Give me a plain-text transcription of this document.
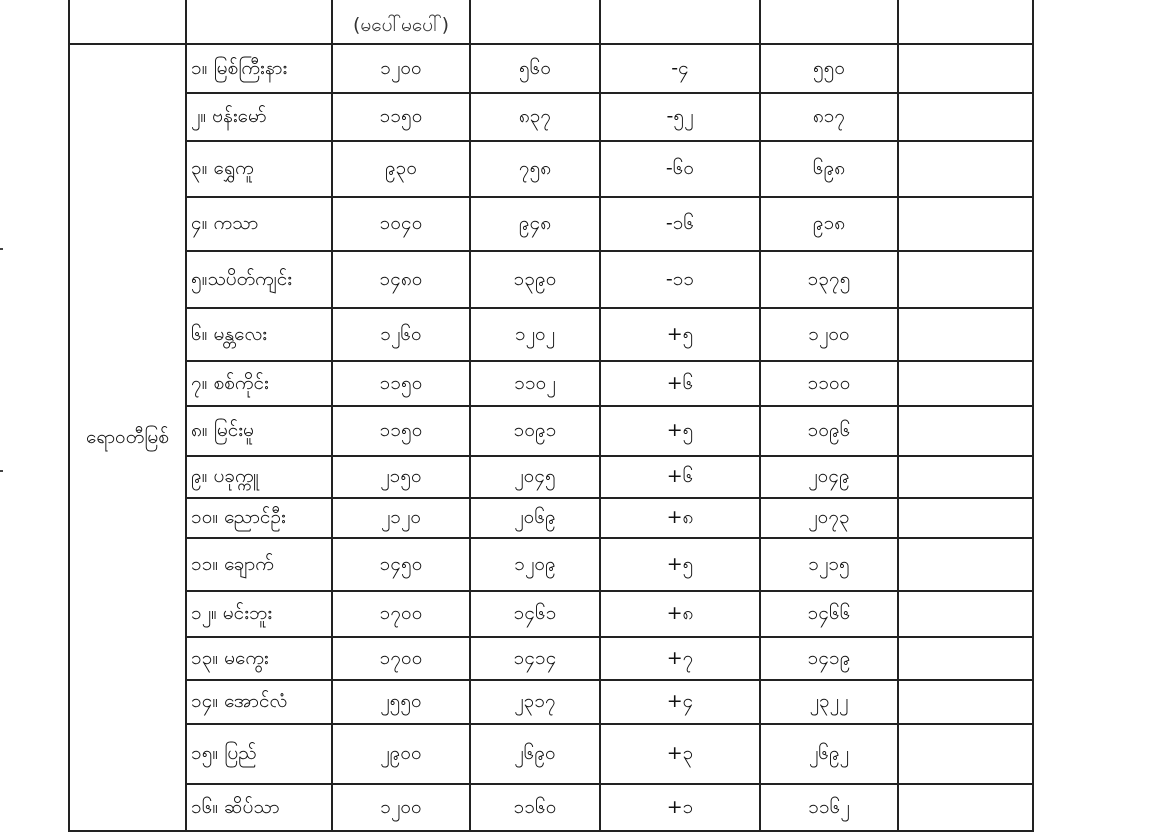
		(မပေါ်မပေါ်)				
ရောဝတီမြစ်	၁။ မြစ်ကြီးနား	၁၂၀၀	၅၆၀	-၄	၅၅၀	
	၂။ ဗန်းမော်	၁၁၅၀	၈၃၇	-၅၂	၈၁၇	
	၃။ ရွှေကူ	၉၃၀	၇၅၈	-၆၀	၆၉၈	
	၄။ ကသာ	၁၀၄၀	၉၄၈	-၁၆	၉၁၈	
	၅။သပိတ်ကျင်း	၁၄၈၀	၁၃၉၀	-၁၁	၁၃၇၅	
	၆။ မန္တလေး	၁၂၆၀	၁၂၀၂	+၅	၁၂၀၀	
	၇။ စစ်ကိုင်း	၁၁၅၀	၁၁၀၂	+၆	၁၁၀၀	
	၈။ မြင်းမူ	၁၁၅၀	၁၀၉၁	+၅	၁၀၉၆	
	၉။ ပခုက္ကူ	၂၁၅၀	၂၀၄၅	+၆	၂၀၄၉	
	၁၀။ ညောင်ဦး	၂၁၂၀	၂၀၆၉	+၈	၂၀၇၃	
	၁၁။ ချောက်	၁၄၅၀	၁၂၀၉	+၅	၁၂၁၅	
	၁၂။ မင်းဘူး	၁၇၀၀	၁၄၆၁	+၈	၁၄၆၆	
	၁၃။ မကွေး	၁၇၀၀	၁၄၁၄	+၇	၁၄၁၉	
	၁၄။ အောင်လံ	၂၅၅၀	၂၃၁၇	+၄	၂၃၂၂	
	၁၅။ ပြည်	၂၉၀၀	၂၆၉၀	+၃	၂၆၉၂	
	၁၆။ ဆိပ်သာ	၁၂၀၀	၁၁၆၀	+၁	၁၁၆၂	
